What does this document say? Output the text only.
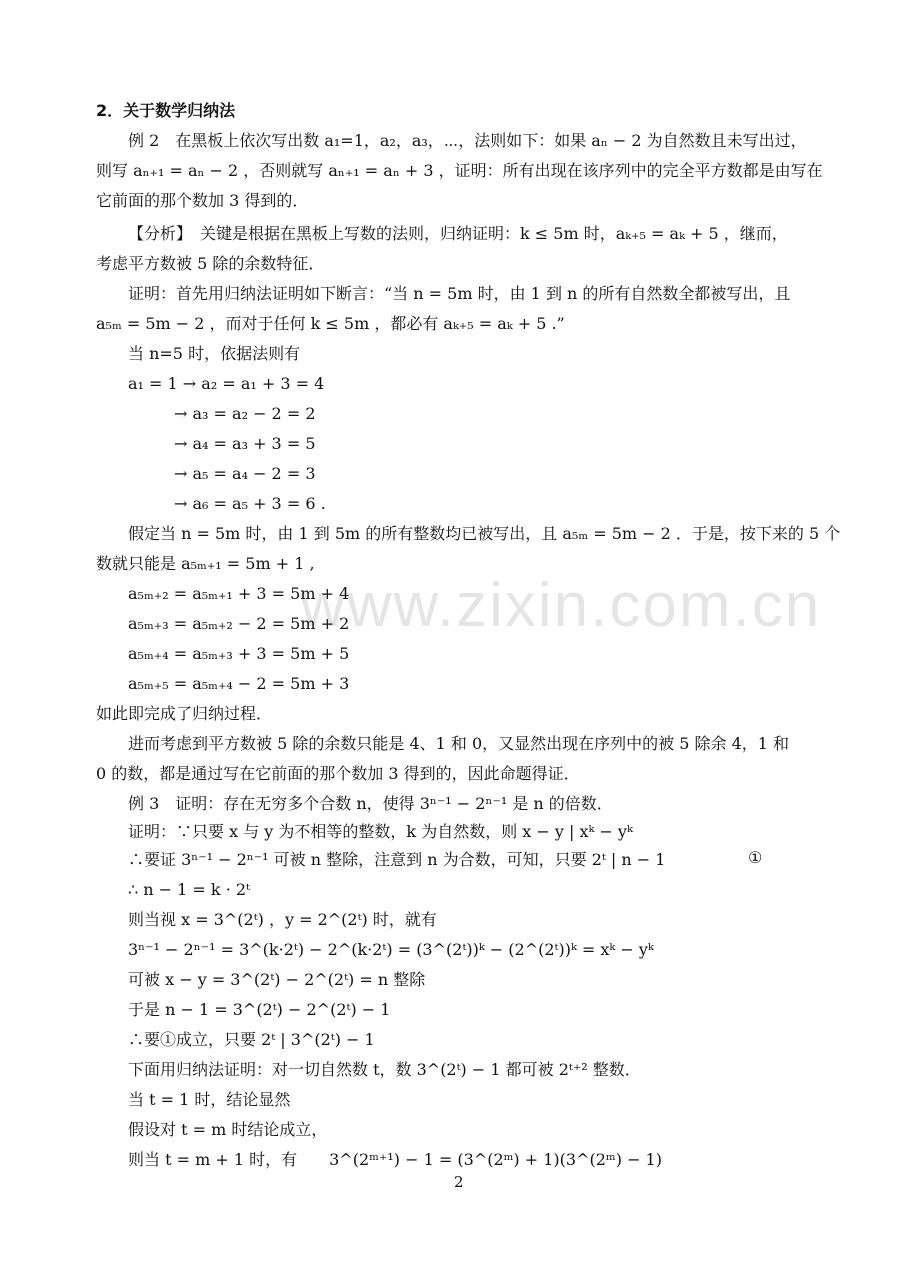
www.zixin.com.cn
2．关于数学归纳法
例 2　在黑板上依次写出数 a₁=1，a₂，a₃，⋯，法则如下：如果 aₙ − 2 为自然数且未写出过，
则写 aₙ₊₁ = aₙ − 2 ，否则就写 aₙ₊₁ = aₙ + 3 ，证明：所有出现在该序列中的完全平方数都是由写在
它前面的那个数加 3 得到的．
【分析】　关键是根据在黑板上写数的法则，归纳证明：k ≤ 5m 时，aₖ₊₅ = aₖ + 5 ，继而，
考虑平方数被 5 除的余数特征．
证明：首先用归纳法证明如下断言：“当 n = 5m 时，由 1 到 n 的所有自然数全都被写出，且
a₅ₘ = 5m − 2 ，而对于任何 k ≤ 5m ，都必有 aₖ₊₅ = aₖ + 5 .”
当 n=5 时，依据法则有
a₁ = 1 → a₂ = a₁ + 3 = 4
→ a₃ = a₂ − 2 = 2
→ a₄ = a₃ + 3 = 5
→ a₅ = a₄ − 2 = 3
→ a₆ = a₅ + 3 = 6 .
假定当 n = 5m 时，由 1 到 5m 的所有整数均已被写出，且 a₅ₘ = 5m − 2 ．于是，按下来的 5 个
数就只能是 a₅ₘ₊₁ = 5m + 1 ,
a₅ₘ₊₂ = a₅ₘ₊₁ + 3 = 5m + 4
a₅ₘ₊₃ = a₅ₘ₊₂ − 2 = 5m + 2
a₅ₘ₊₄ = a₅ₘ₊₃ + 3 = 5m + 5
a₅ₘ₊₅ = a₅ₘ₊₄ − 2 = 5m + 3
如此即完成了归纳过程．
进而考虑到平方数被 5 除的余数只能是 4、1 和 0，又显然出现在序列中的被 5 除余 4，1 和
0 的数，都是通过写在它前面的那个数加 3 得到的，因此命题得证．
例 3　证明：存在无穷多个合数 n，使得 3ⁿ⁻¹ − 2ⁿ⁻¹ 是 n 的倍数．
证明：∵只要 x 与 y 为不相等的整数，k 为自然数，则 x − y | xᵏ − yᵏ
∴要证 3ⁿ⁻¹ − 2ⁿ⁻¹ 可被 n 整除，注意到 n 为合数，可知，只要 2ᵗ | n − 1	①
∴ n − 1 = k · 2ᵗ
则当视 x = 3^(2ᵗ) ，y = 2^(2ᵗ) 时，就有
3ⁿ⁻¹ − 2ⁿ⁻¹ = 3^(k·2ᵗ) − 2^(k·2ᵗ) = (3^(2ᵗ))ᵏ − (2^(2ᵗ))ᵏ = xᵏ − yᵏ
可被 x − y = 3^(2ᵗ) − 2^(2ᵗ) = n 整除
于是 n − 1 = 3^(2ᵗ) − 2^(2ᵗ) − 1
∴要①成立，只要 2ᵗ | 3^(2ᵗ) − 1
下面用归纳法证明：对一切自然数 t，数 3^(2ᵗ) − 1 都可被 2ᵗ⁺² 整数．
当 t = 1 时，结论显然
假设对 t = m 时结论成立，
则当 t = m + 1 时，有　　3^(2ᵐ⁺¹) − 1 = (3^(2ᵐ) + 1)(3^(2ᵐ) − 1)
2
